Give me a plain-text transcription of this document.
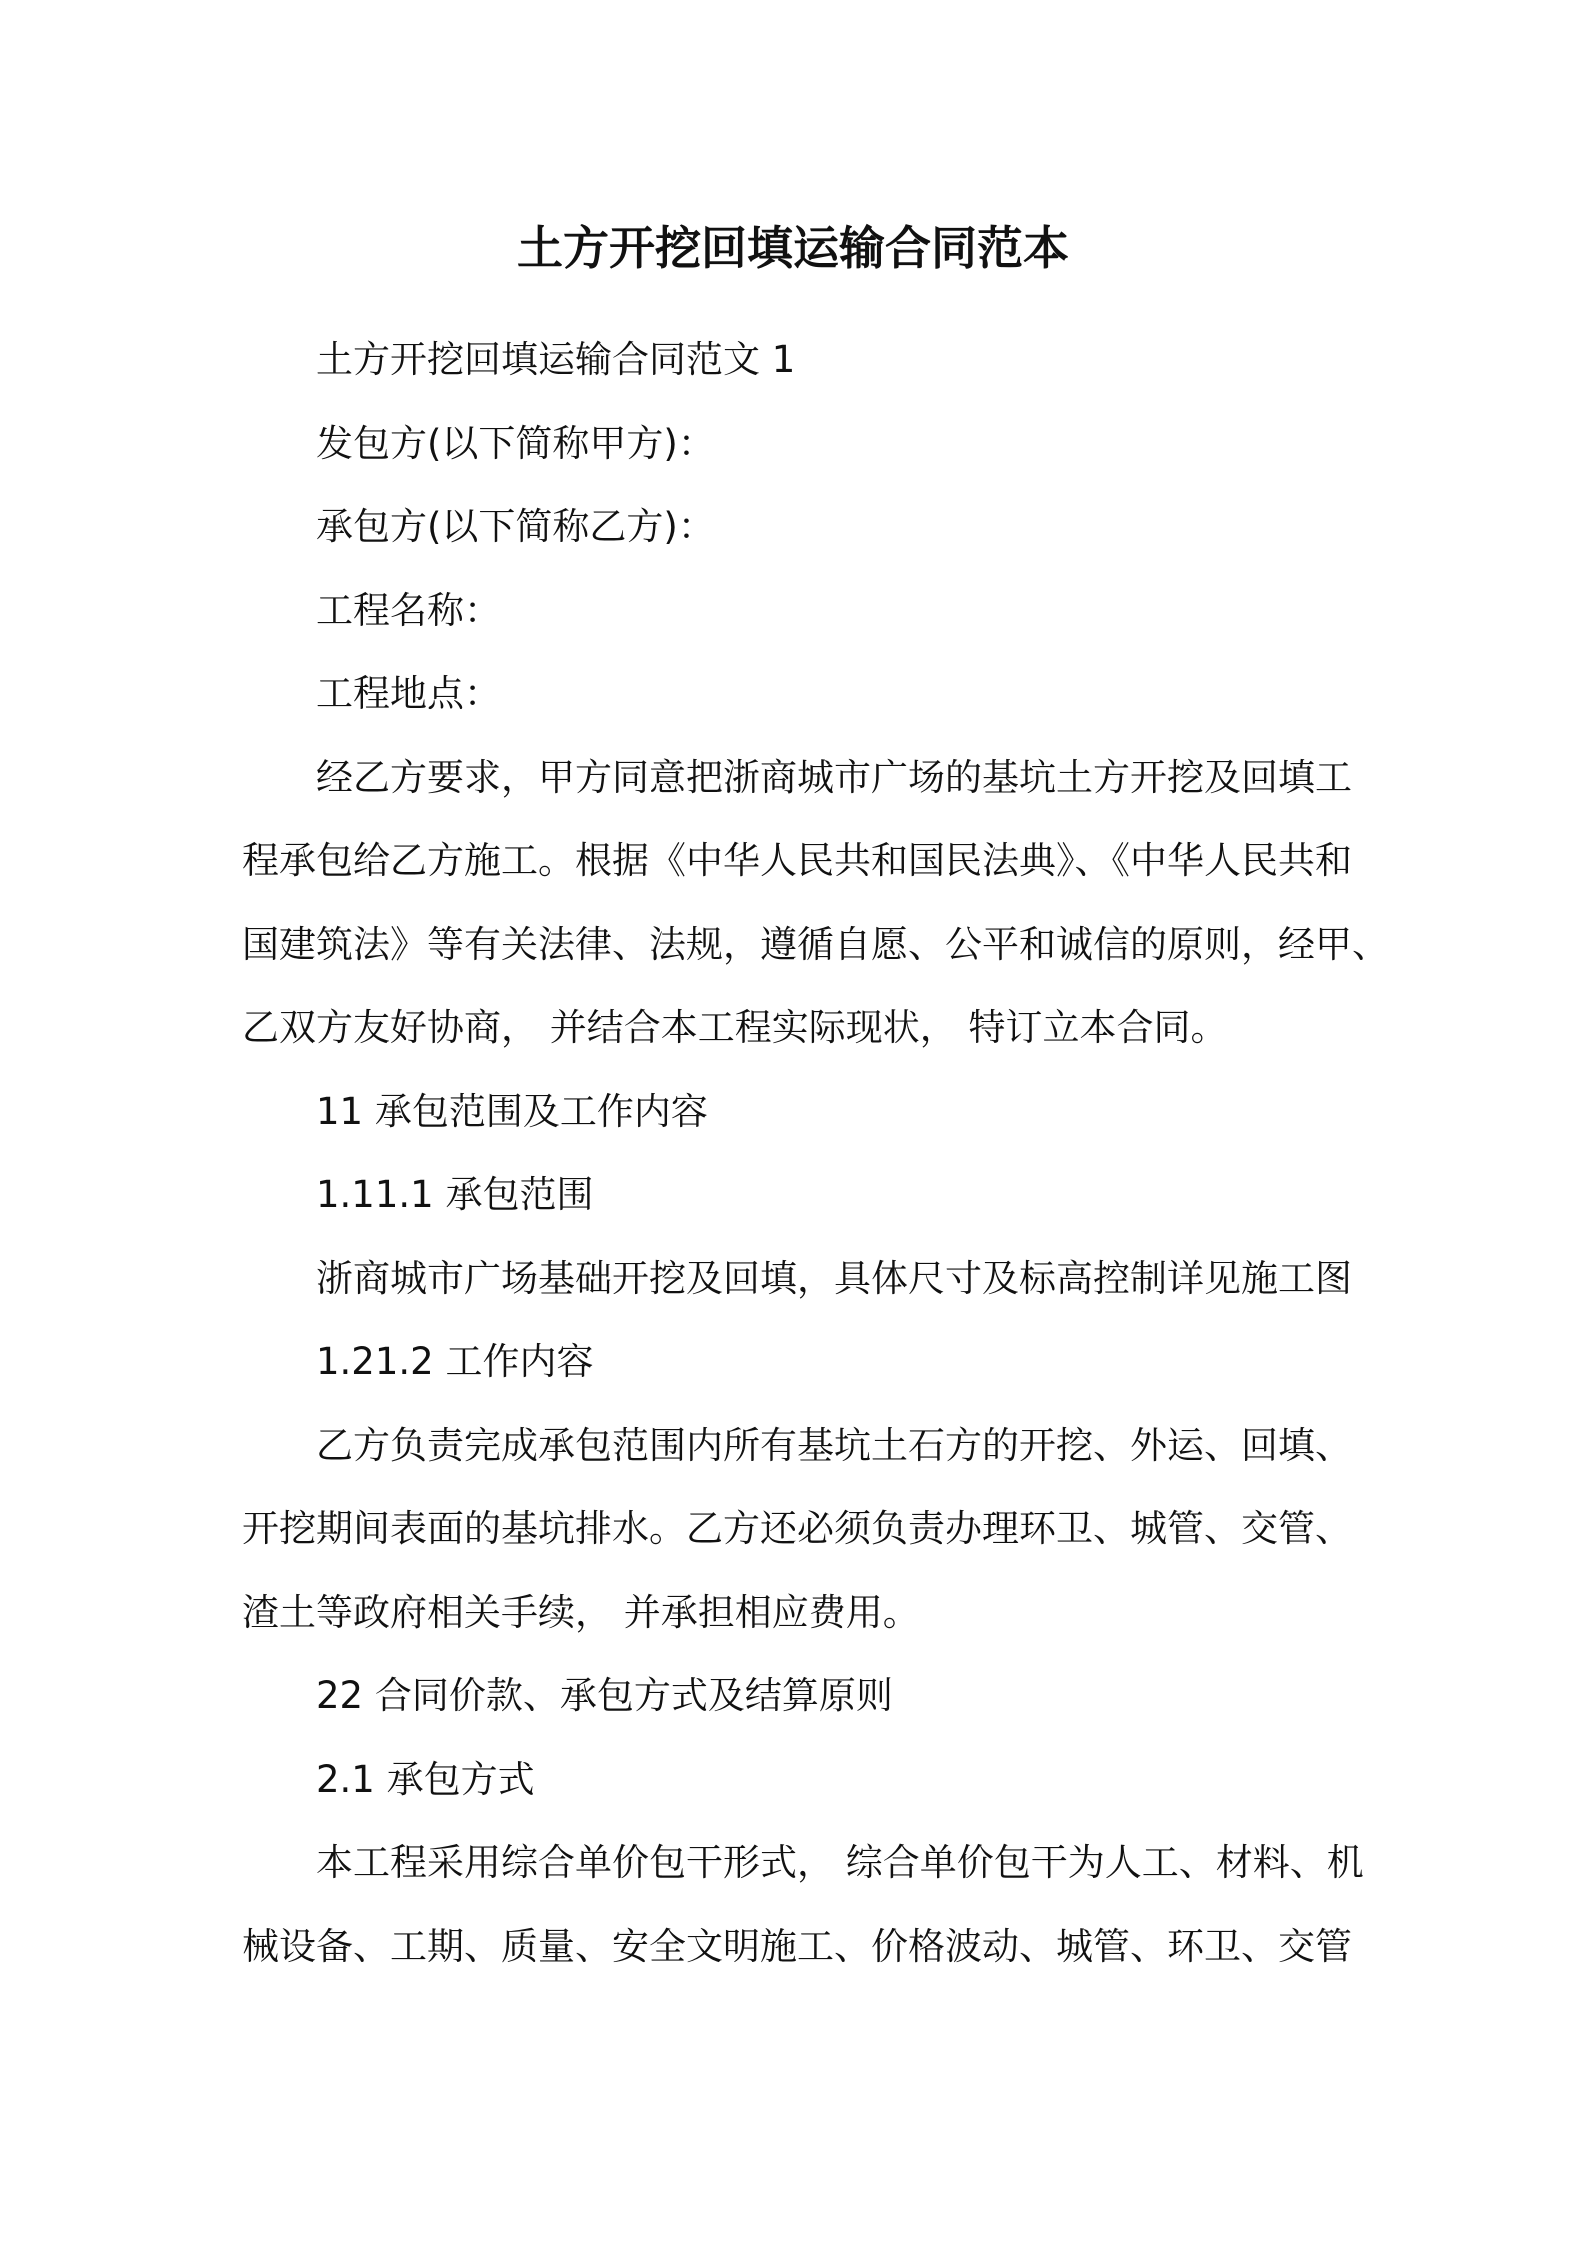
土方开挖回填运输合同范本

土方开挖回填运输合同范文 1

发包方(以下简称甲方)：

承包方(以下简称乙方)：

工程名称：

工程地点：

经乙方要求，甲方同意把浙商城市广场的基坑土方开挖及回填工

程承包给乙方施工。根据《中华人民共和国民法典》、《中华人民共和

国建筑法》等有关法律、法规，遵循自愿、公平和诚信的原则，经甲、

乙双方友好协商， 并结合本工程实际现状， 特订立本合同。

11 承包范围及工作内容

1.11.1 承包范围

浙商城市广场基础开挖及回填，具体尺寸及标高控制详见施工图

1.21.2 工作内容

乙方负责完成承包范围内所有基坑土石方的开挖、外运、回填、

开挖期间表面的基坑排水。乙方还必须负责办理环卫、城管、交管、

渣土等政府相关手续， 并承担相应费用。

22 合同价款、承包方式及结算原则

2.1 承包方式

本工程采用综合单价包干形式， 综合单价包干为人工、材料、机

械设备、工期、质量、安全文明施工、价格波动、城管、环卫、交管
